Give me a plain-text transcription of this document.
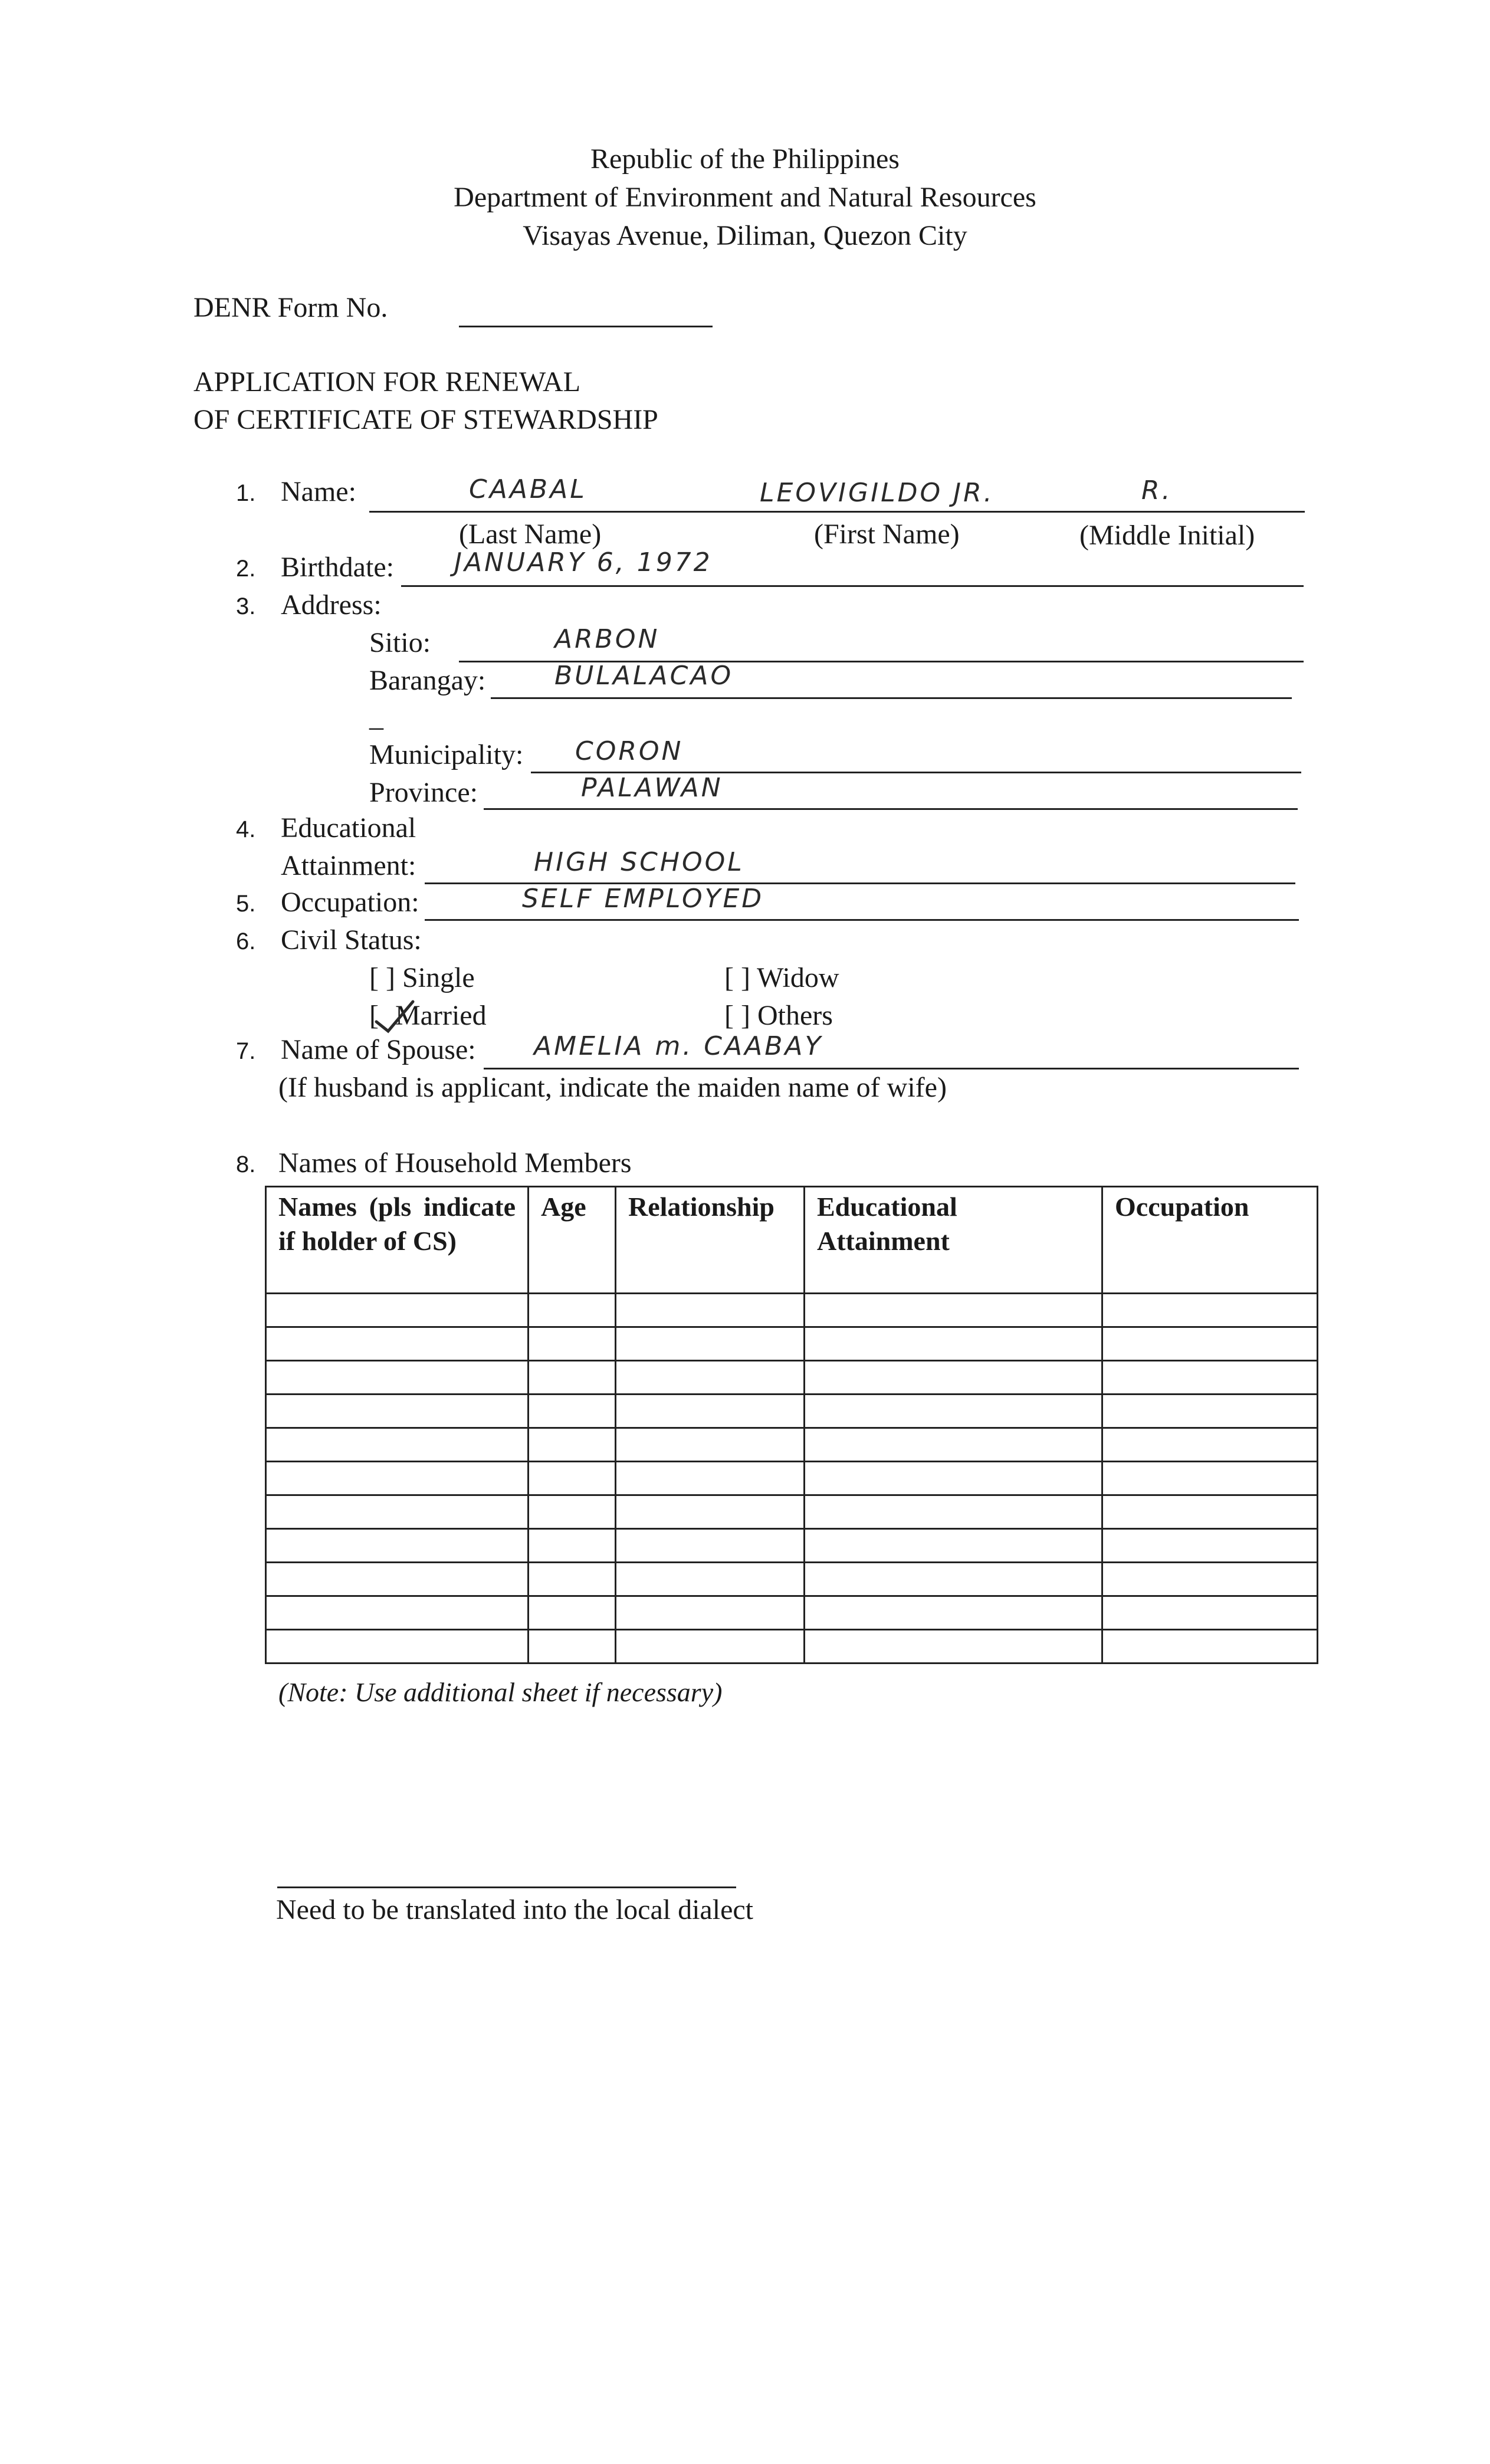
Republic of the Philippines
Department of Environment and Natural Resources
Visayas Avenue, Diliman, Quezon City
DENR Form No.
APPLICATION FOR RENEWAL
OF CERTIFICATE OF STEWARDSHIP
1. Name:	CAABAL	LEOVIGILDO JR.	R.
(Last Name)	(First Name)	(Middle Initial)
2. Birthdate: JANUARY 6, 1972
3. Address:
Sitio:	ARBON
Barangay:	BULALACAO
_
Municipality: CORON
Province:	PALAWAN
4. Educational
Attainment:	HIGH SCHOOL
5. Occupation:	SELF EMPLOYED
6. Civil Status:
[ ] Single	[ ] Widow
[ Married	[ ] Others
7. Name of Spouse: AMELIA m. CAABAY
(If husband is applicant, indicate the maiden name of wife)
8. Names of Household Members
Names (pls indicate if holder of CS)	Age	Relationship	Educational Attainment	Occupation

(Note: Use additional sheet if necessary)
Need to be translated into the local dialect
